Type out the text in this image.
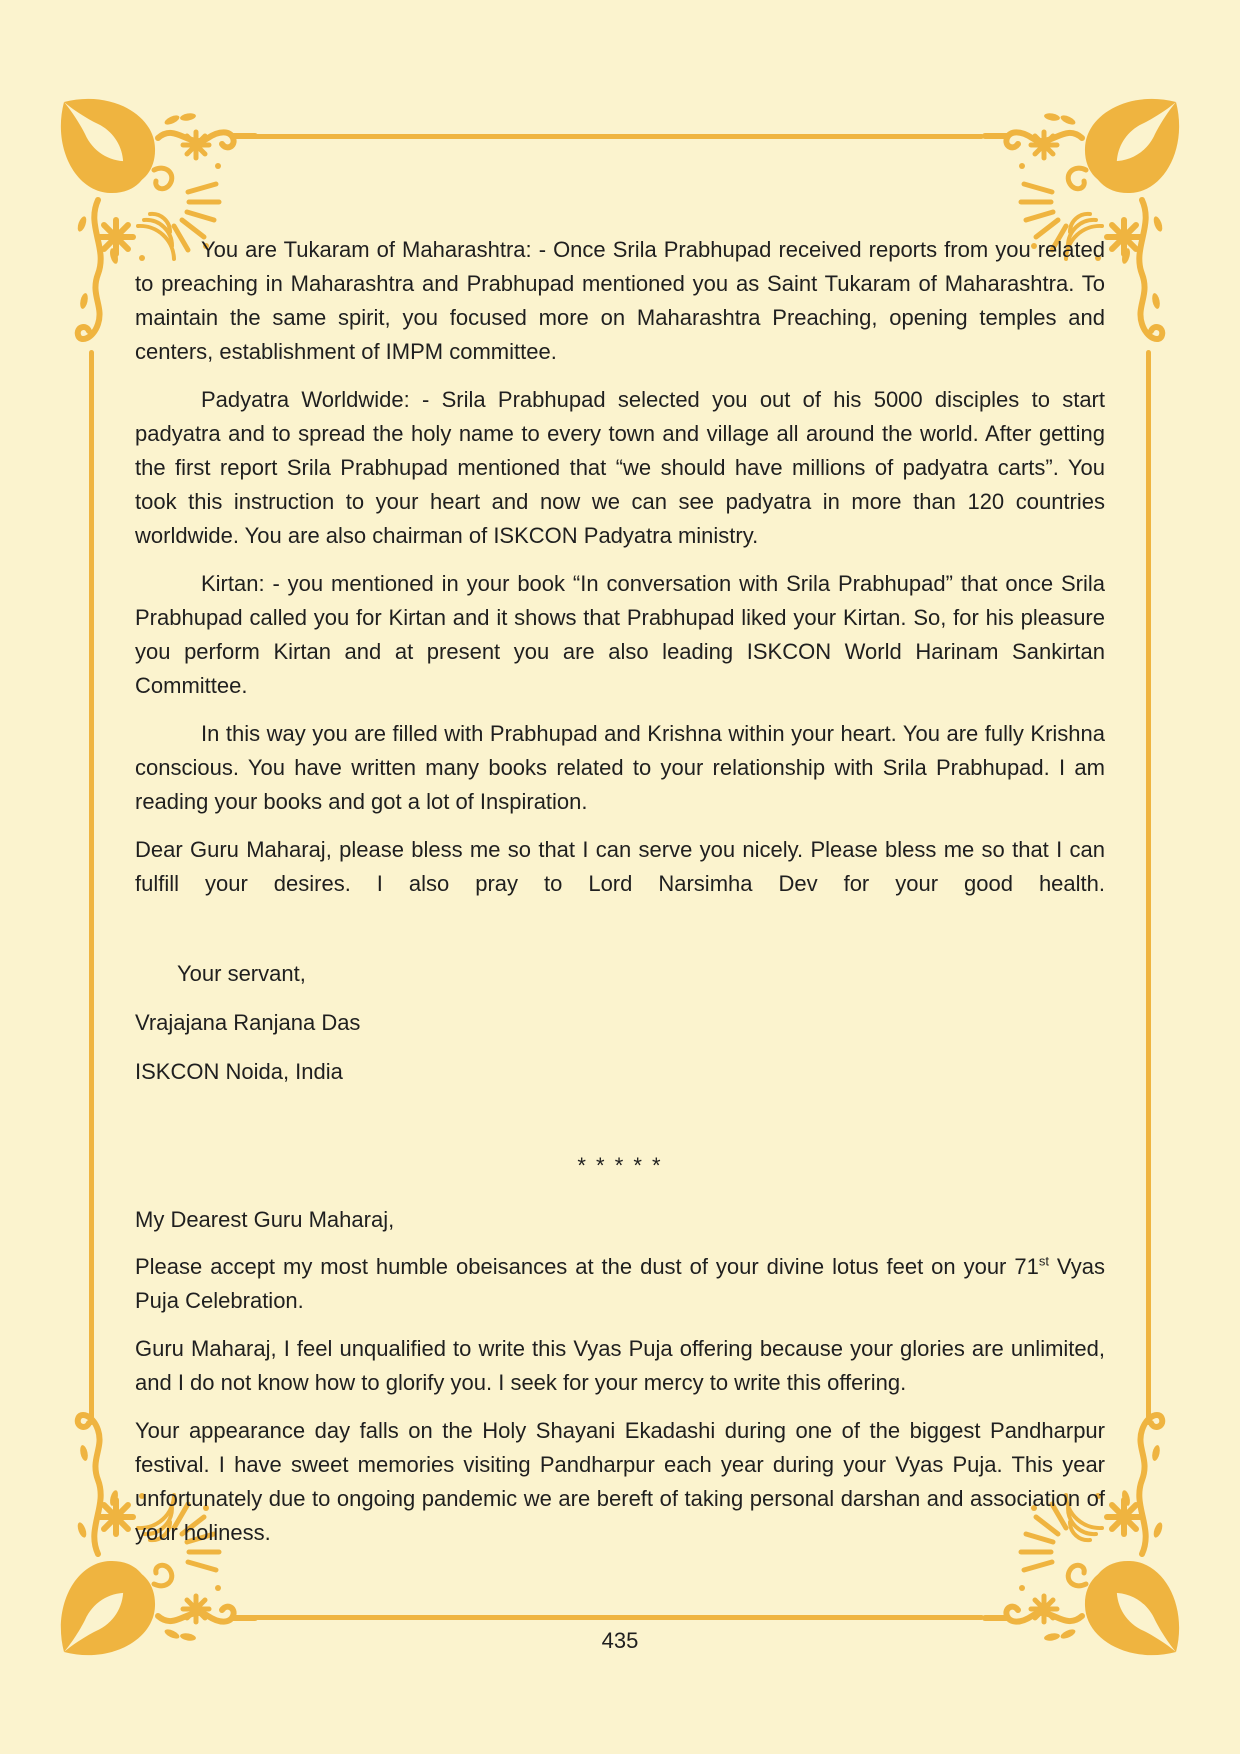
You are Tukaram of Maharashtra: - Once Srila Prabhupad received reports from you related to preaching in Maharashtra and Prabhupad mentioned you as Saint Tukaram of Maharashtra. To maintain the same spirit, you focused more on Maharashtra Preaching, opening temples and centers, establishment of IMPM committee.

Padyatra Worldwide: - Srila Prabhupad selected you out of his 5000 disciples to start padyatra and to spread the holy name to every town and village all around the world. After getting the first report Srila Prabhupad mentioned that “we should have millions of padyatra carts”. You took this instruction to your heart and now we can see padyatra in more than 120 countries worldwide. You are also chairman of ISKCON Padyatra ministry.

Kirtan: - you mentioned in your book “In conversation with Srila Prabhupad” that once Srila Prabhupad called you for Kirtan and it shows that Prabhupad liked your Kirtan. So, for his pleasure you perform Kirtan and at present you are also leading ISKCON World Harinam Sankirtan Committee.

In this way you are filled with Prabhupad and Krishna within your heart. You are fully Krishna conscious. You have written many books related to your relationship with Srila Prabhupad. I am reading your books and got a lot of Inspiration.

Dear Guru Maharaj, please bless me so that I can serve you nicely. Please bless me so that I can fulfill your desires. I also pray to Lord Narsimha Dev for your good health.

Your servant,

Vrajajana Ranjana Das

ISKCON Noida, India

* * * * *

My Dearest Guru Maharaj,

Please accept my most humble obeisances at the dust of your divine lotus feet on your 71st Vyas Puja Celebration.

Guru Maharaj, I feel unqualified to write this Vyas Puja offering because your glories are unlimited, and I do not know how to glorify you. I seek for your mercy to write this offering.

Your appearance day falls on the Holy Shayani Ekadashi during one of the biggest Pandharpur festival. I have sweet memories visiting Pandharpur each year during your Vyas Puja. This year unfortunately due to ongoing pandemic we are bereft of taking personal darshan and association of your holiness.

435
